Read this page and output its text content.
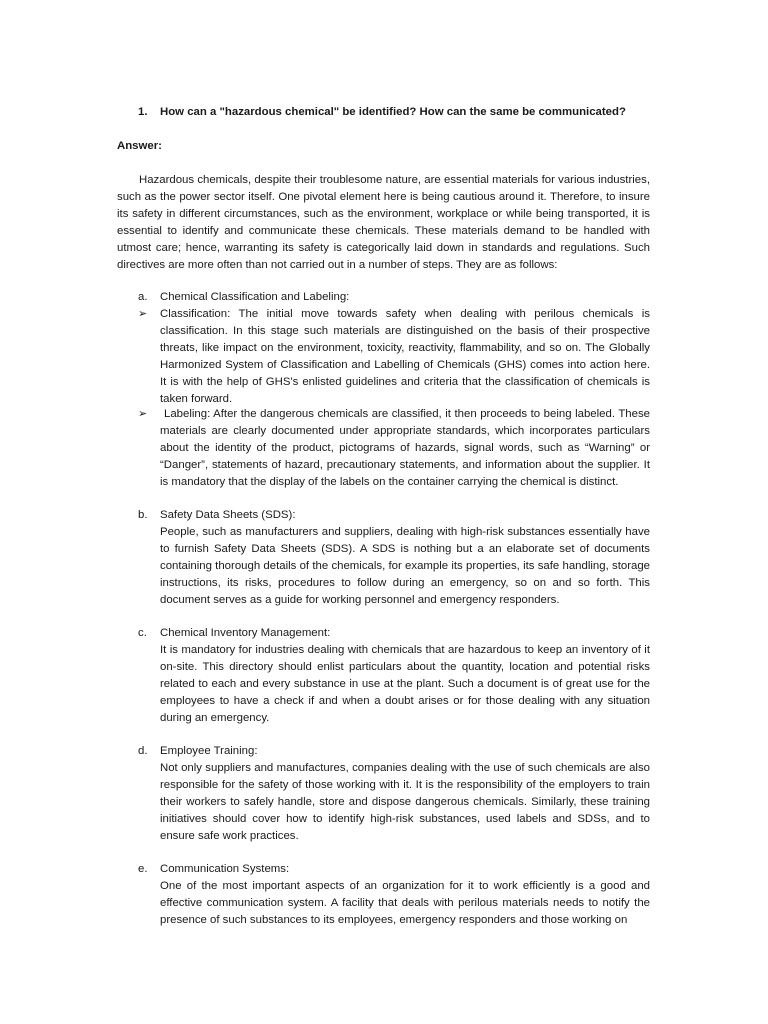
1. How can a "hazardous chemical" be identified? How can the same be communicated?
Answer:

Hazardous chemicals, despite their troublesome nature, are essential materials for various industries, such as the power sector itself. One pivotal element here is being cautious around it. Therefore, to insure its safety in different circumstances, such as the environment, workplace or while being transported, it is essential to identify and communicate these chemicals. These materials demand to be handled with utmost care; hence, warranting its safety is categorically laid down in standards and regulations. Such directives are more often than not carried out in a number of steps. They are as follows:

a. Chemical Classification and Labeling:
➢ Classification: The initial move towards safety when dealing with perilous chemicals is classification. In this stage such materials are distinguished on the basis of their prospective threats, like impact on the environment, toxicity, reactivity, flammability, and so on. The Globally Harmonized System of Classification and Labelling of Chemicals (GHS) comes into action here. It is with the help of GHS's enlisted guidelines and criteria that the classification of chemicals is taken forward.

➢	Labeling: After the dangerous chemicals are classified, it then proceeds to being labeled. These materials are clearly documented under appropriate standards, which incorporates particulars about the identity of the product, pictograms of hazards, signal words, such as “Warning” or “Danger”, statements of hazard, precautionary statements, and information about the supplier. It is mandatory that the display of the labels on the container carrying the chemical is distinct.

b. Safety Data Sheets (SDS):

People, such as manufacturers and suppliers, dealing with high-risk substances essentially have to furnish Safety Data Sheets (SDS). A SDS is nothing but a an elaborate set of documents containing thorough details of the chemicals, for example its properties, its safe handling, storage instructions, its risks, procedures to follow during an emergency, so on and so forth. This document serves as a guide for working personnel and emergency responders.

c. Chemical Inventory Management:

It is mandatory for industries dealing with chemicals that are hazardous to keep an inventory of it on-site. This directory should enlist particulars about the quantity, location and potential risks related to each and every substance in use at the plant. Such a document is of great use for the employees to have a check if and when a doubt arises or for those dealing with any situation during an emergency.

d. Employee Training:

Not only suppliers and manufactures, companies dealing with the use of such chemicals are also responsible for the safety of those working with it. It is the responsibility of the employers to train their workers to safely handle, store and dispose dangerous chemicals. Similarly, these training initiatives should cover how to identify high-risk substances, used labels and SDSs, and to ensure safe work practices.

e. Communication Systems:

One of the most important aspects of an organization for it to work efficiently is a good and effective communication system. A facility that deals with perilous materials needs to notify the presence of such substances to its employees, emergency responders and those working on
